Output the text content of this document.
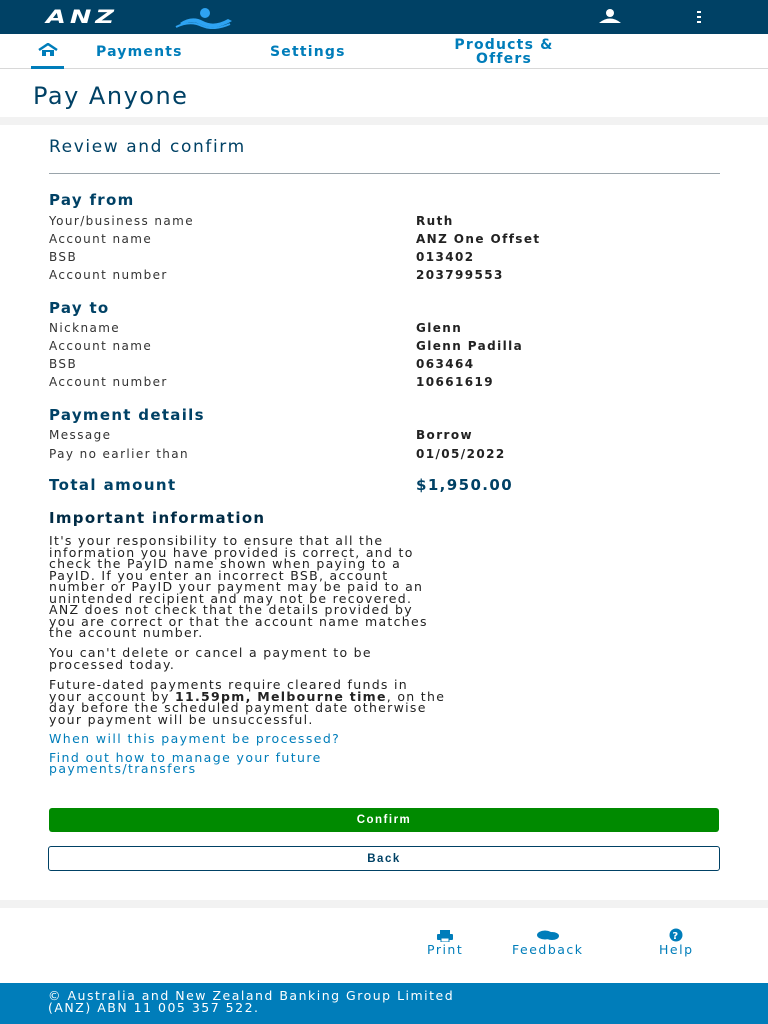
ANZ
Payments	Settings	Products &
Offers
Pay Anyone
Review and confirm
Pay from
Your/business name	Ruth
Account name	ANZ One Offset
BSB	013402
Account number	203799553
Pay to
Nickname	Glenn
Account name	Glenn Padilla
BSB	063464
Account number	10661619
Payment details
Message	Borrow
Pay no earlier than	01/05/2022
Total amount	$1,950.00
Important information
It's your responsibility to ensure that all the
information you have provided is correct, and to
check the PayID name shown when paying to a
PayID. If you enter an incorrect BSB, account
number or PayID your payment may be paid to an
unintended recipient and may not be recovered.
ANZ does not check that the details provided by
you are correct or that the account name matches
the account number.
You can't delete or cancel a payment to be
processed today.
Future-dated payments require cleared funds in
your account by 11.59pm, Melbourne time, on the
day before the scheduled payment date otherwise
your payment will be unsuccessful.
When will this payment be processed?
Find out how to manage your future
payments/transfers
Confirm
Back
Print	Feedback
?
Help
© Australia and New Zealand Banking Group Limited
(ANZ) ABN 11 005 357 522.
